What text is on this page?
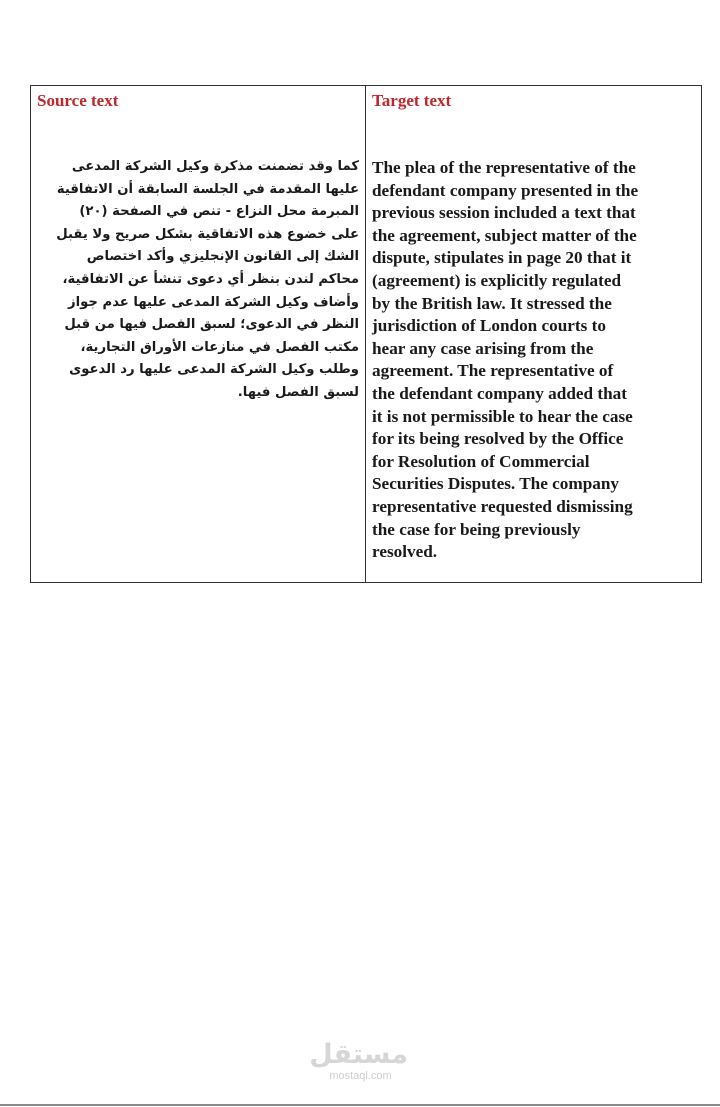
Source text
كما وقد تضمنت مذكرة وكيل الشركة المدعى
عليها المقدمة في الجلسة السابقة أن الاتفاقية
المبرمة محل النزاع - تنص في الصفحة (٢٠)
على خضوع هذه الاتفاقية بشكل صريح ولا يقبل
الشك إلى القانون الإنجليزي وأكد اختصاص
محاكم لندن بنظر أي دعوى تنشأ عن الاتفاقية،
وأضاف وكيل الشركة المدعى عليها عدم جواز
النظر في الدعوى؛ لسبق الفصل فيها من قبل
مكتب الفصل في منازعات الأوراق التجارية،
وطلب وكيل الشركة المدعى عليها رد الدعوى
لسبق الفصل فيها.
Target text
The plea of the representative of the
defendant company presented in the
previous session included a text that
the agreement, subject matter of the
dispute, stipulates in page 20 that it
(agreement) is explicitly regulated
by the British law. It stressed the
jurisdiction of London courts to
hear any case arising from the
agreement. The representative of
the defendant company added that
it is not permissible to hear the case
for its being resolved by the Office
for Resolution of Commercial
Securities Disputes. The company
representative requested dismissing
the case for being previously
resolved.
مستقل
mostaql.com
